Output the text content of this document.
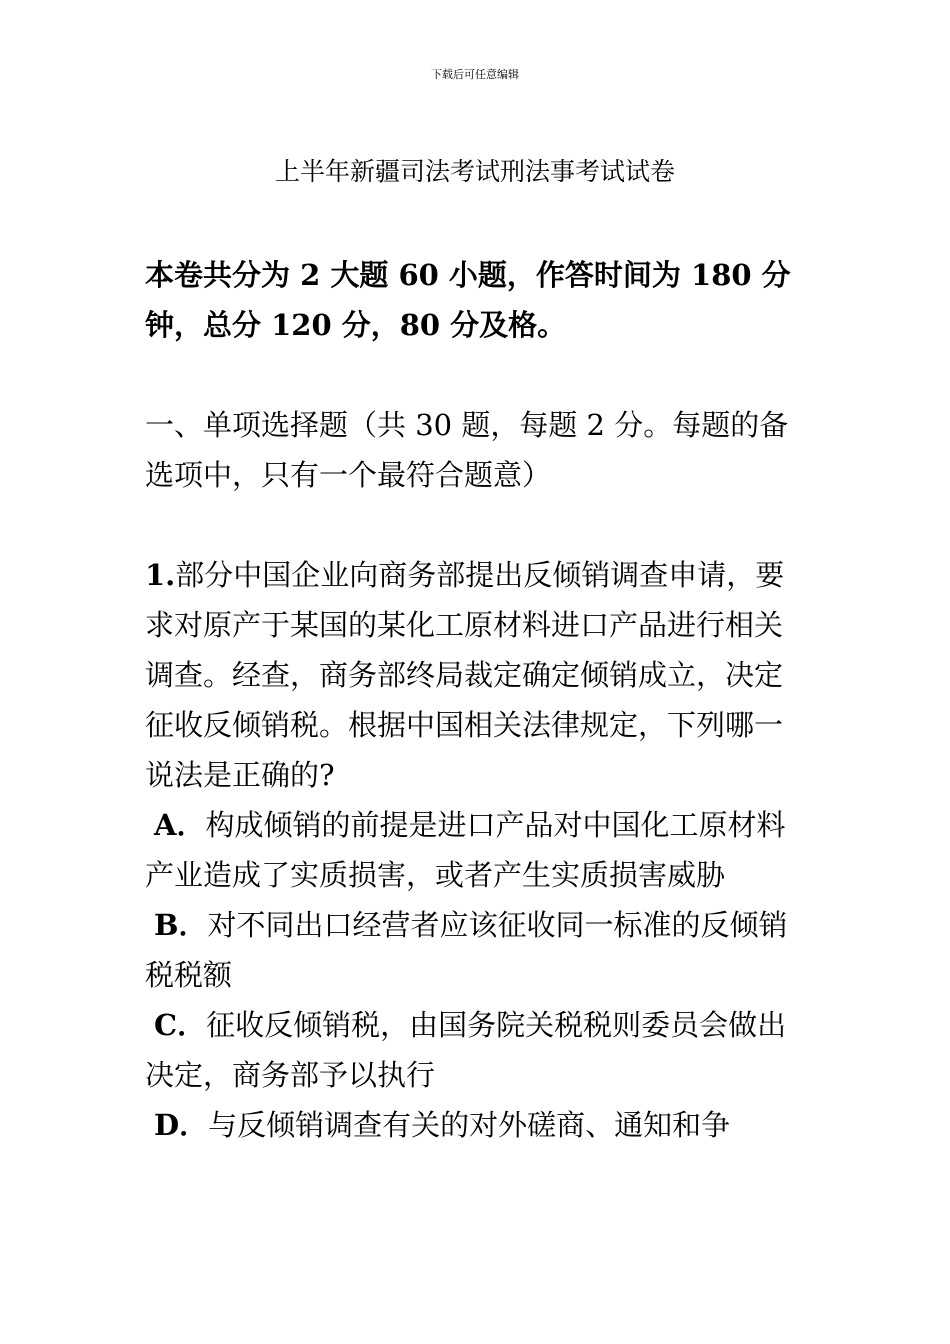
下载后可任意编辑
上半年新疆司法考试刑法事考试试卷

本卷共分为 2 大题 60 小题，作答时间为 180 分钟，总分 120 分，80 分及格。

一、单项选择题（共 30 题，每题 2 分。每题的备选项中，只有一个最符合题意）

1.部分中国企业向商务部提出反倾销调查申请，要求对原产于某国的某化工原材料进口产品进行相关调查。经查，商务部终局裁定确定倾销成立，决定征收反倾销税。根据中国相关法律规定，下列哪一说法是正确的?

A．构成倾销的前提是进口产品对中国化工原材料产业造成了实质损害，或者产生实质损害威胁

B．对不同出口经营者应该征收同一标准的反倾销税税额

C．征收反倾销税，由国务院关税税则委员会做出决定，商务部予以执行

D．与反倾销调查有关的对外磋商、通知和争
